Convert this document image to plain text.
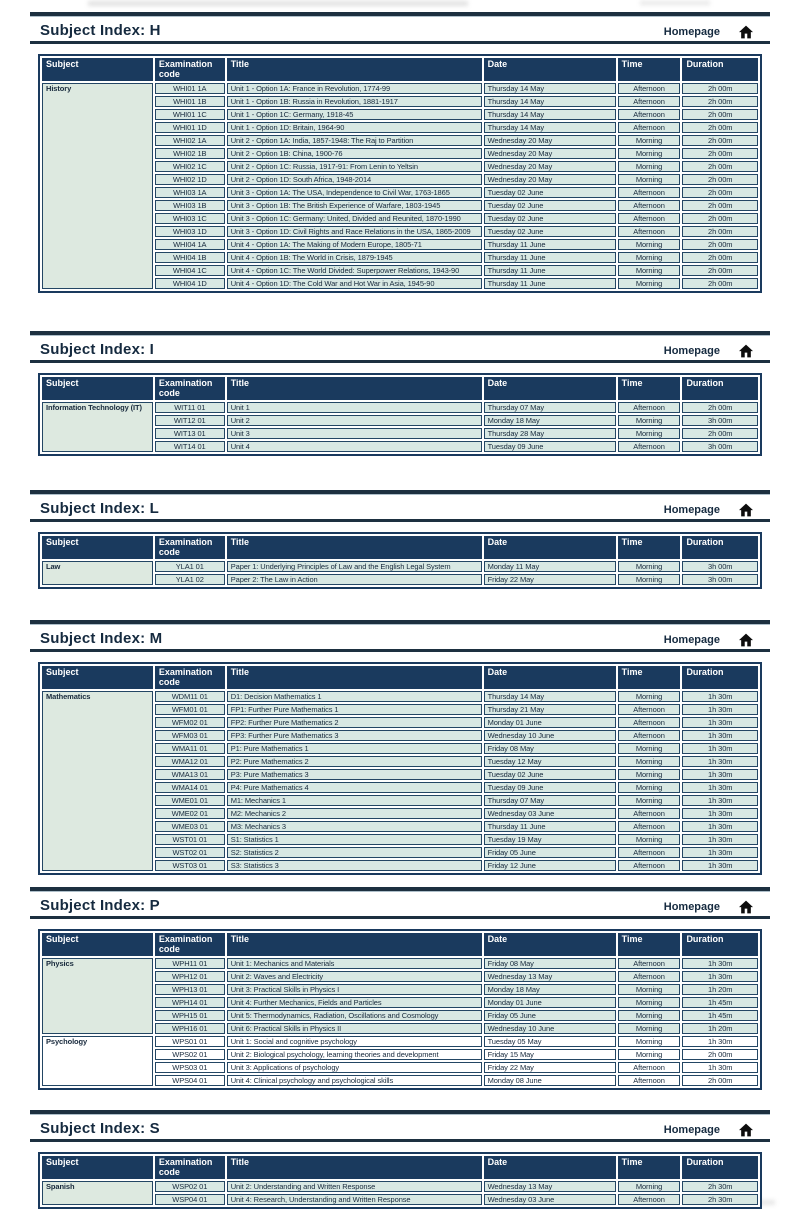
Subject Index: H	Homepage
Subject	Examination code	Title	Date	Time	Duration
History	WHI01 1A	Unit 1 - Option 1A: France in Revolution, 1774-99	Thursday 14 May	Afternoon	2h 00m
	WHI01 1B	Unit 1 - Option 1B: Russia in Revolution, 1881-1917	Thursday 14 May	Afternoon	2h 00m
	WHI01 1C	Unit 1 - Option 1C: Germany, 1918-45	Thursday 14 May	Afternoon	2h 00m
	WHI01 1D	Unit 1 - Option 1D: Britain, 1964-90	Thursday 14 May	Afternoon	2h 00m
	WHI02 1A	Unit 2 - Option 1A: India, 1857-1948: The Raj to Partition	Wednesday 20 May	Morning	2h 00m
	WHI02 1B	Unit 2 - Option 1B: China, 1900-76	Wednesday 20 May	Morning	2h 00m
	WHI02 1C	Unit 2 - Option 1C: Russia, 1917-91: From Lenin to Yeltsin	Wednesday 20 May	Morning	2h 00m
	WHI02 1D	Unit 2 - Option 1D: South Africa, 1948-2014	Wednesday 20 May	Morning	2h 00m
	WHI03 1A	Unit 3 - Option 1A: The USA, Independence to Civil War, 1763-1865	Tuesday 02 June	Afternoon	2h 00m
	WHI03 1B	Unit 3 - Option 1B: The British Experience of Warfare, 1803-1945	Tuesday 02 June	Afternoon	2h 00m
	WHI03 1C	Unit 3 - Option 1C: Germany: United, Divided and Reunited, 1870-1990	Tuesday 02 June	Afternoon	2h 00m
	WHI03 1D	Unit 3 - Option 1D: Civil Rights and Race Relations in the USA, 1865-2009	Tuesday 02 June	Afternoon	2h 00m
	WHI04 1A	Unit 4 - Option 1A: The Making of Modern Europe, 1805-71	Thursday 11 June	Morning	2h 00m
	WHI04 1B	Unit 4 - Option 1B: The World in Crisis, 1879-1945	Thursday 11 June	Morning	2h 00m
	WHI04 1C	Unit 4 - Option 1C: The World Divided: Superpower Relations, 1943-90	Thursday 11 June	Morning	2h 00m
	WHI04 1D	Unit 4 - Option 1D: The Cold War and Hot War in Asia, 1945-90	Thursday 11 June	Morning	2h 00m
Subject Index: I	Homepage
Subject	Examination code	Title	Date	Time	Duration
Information Technology (IT)	WIT11 01	Unit 1	Thursday 07 May	Afternoon	2h 00m
	WIT12 01	Unit 2	Monday 18 May	Morning	3h 00m
	WIT13 01	Unit 3	Thursday 28 May	Morning	2h 00m
	WIT14 01	Unit 4	Tuesday 09 June	Afternoon	3h 00m
Subject Index: L	Homepage
Subject	Examination code	Title	Date	Time	Duration
Law	YLA1 01	Paper 1: Underlying Principles of Law and the English Legal System	Monday 11 May	Morning	3h 00m
	YLA1 02	Paper 2: The Law in Action	Friday 22 May	Morning	3h 00m
Subject Index: M	Homepage
Subject	Examination code	Title	Date	Time	Duration
Mathematics	WDM11 01	D1: Decision Mathematics 1	Thursday 14 May	Morning	1h 30m
	WFM01 01	FP1: Further Pure Mathematics 1	Thursday 21 May	Afternoon	1h 30m
	WFM02 01	FP2: Further Pure Mathematics 2	Monday 01 June	Afternoon	1h 30m
	WFM03 01	FP3: Further Pure Mathematics 3	Wednesday 10 June	Afternoon	1h 30m
	WMA11 01	P1: Pure Mathematics 1	Friday 08 May	Morning	1h 30m
	WMA12 01	P2: Pure Mathematics 2	Tuesday 12 May	Morning	1h 30m
	WMA13 01	P3: Pure Mathematics 3	Tuesday 02 June	Morning	1h 30m
	WMA14 01	P4: Pure Mathematics 4	Tuesday 09 June	Morning	1h 30m
	WME01 01	M1: Mechanics 1	Thursday 07 May	Morning	1h 30m
	WME02 01	M2: Mechanics 2	Wednesday 03 June	Afternoon	1h 30m
	WME03 01	M3: Mechanics 3	Thursday 11 June	Afternoon	1h 30m
	WST01 01	S1: Statistics 1	Tuesday 19 May	Morning	1h 30m
	WST02 01	S2: Statistics 2	Friday 05 June	Afternoon	1h 30m
	WST03 01	S3: Statistics 3	Friday 12 June	Afternoon	1h 30m
Subject Index: P	Homepage
Subject	Examination code	Title	Date	Time	Duration
Physics	WPH11 01	Unit 1: Mechanics and Materials	Friday 08 May	Afternoon	1h 30m
	WPH12 01	Unit 2: Waves and Electricity	Wednesday 13 May	Afternoon	1h 30m
	WPH13 01	Unit 3: Practical Skills in Physics I	Monday 18 May	Morning	1h 20m
	WPH14 01	Unit 4: Further Mechanics, Fields and Particles	Monday 01 June	Morning	1h 45m
	WPH15 01	Unit 5: Thermodynamics, Radiation, Oscillations and Cosmology	Friday 05 June	Morning	1h 45m
	WPH16 01	Unit 6: Practical Skills in Physics II	Wednesday 10 June	Morning	1h 20m
Psychology	WPS01 01	Unit 1: Social and cognitive psychology	Tuesday 05 May	Morning	1h 30m
	WPS02 01	Unit 2: Biological psychology, learning theories and development	Friday 15 May	Morning	2h 00m
	WPS03 01	Unit 3: Applications of psychology	Friday 22 May	Afternoon	1h 30m
	WPS04 01	Unit 4: Clinical psychology and psychological skills	Monday 08 June	Afternoon	2h 00m
Subject Index: S	Homepage
Subject	Examination code	Title	Date	Time	Duration
Spanish	WSP02 01	Unit 2: Understanding and Written Response	Wednesday 13 May	Morning	2h 30m
	WSP04 01	Unit 4: Research, Understanding and Written Response	Wednesday 03 June	Afternoon	2h 30m
